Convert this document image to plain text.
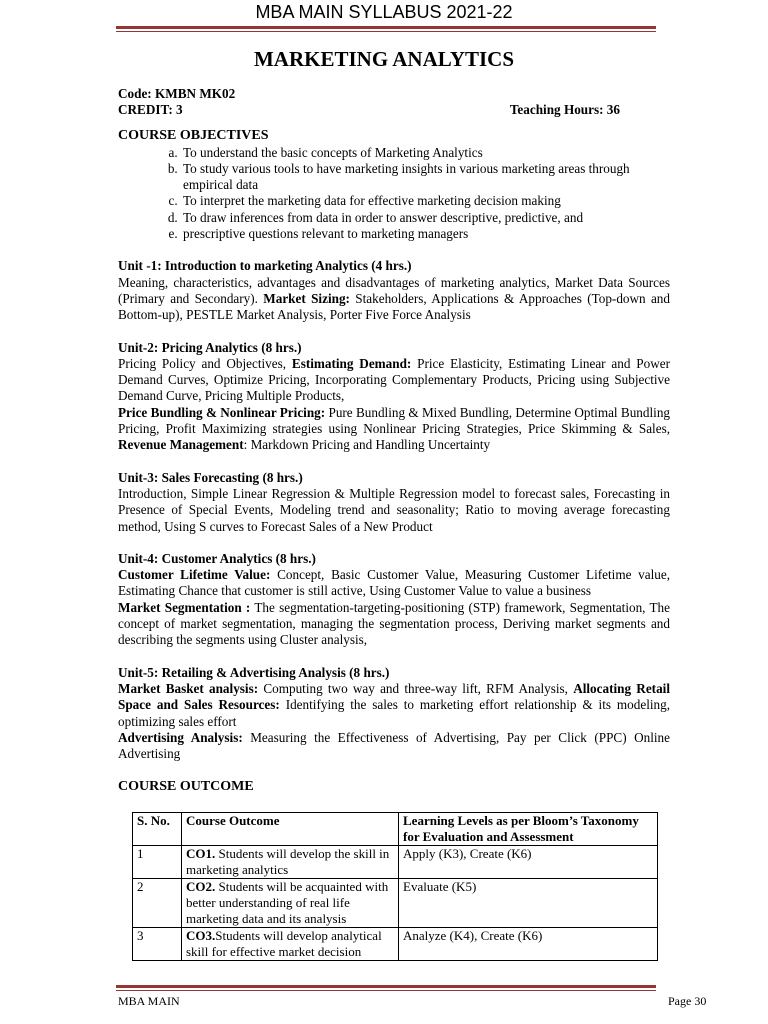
MBA MAIN SYLLABUS 2021-22
MARKETING ANALYTICS

Code: KMBN MK02

CREDIT: 3	Teaching Hours: 36

COURSE OBJECTIVES

a. To understand the basic concepts of Marketing Analytics
b. To study various tools to have marketing insights in various marketing areas through empirical data
c. To interpret the marketing data for effective marketing decision making
d. To draw inferences from data in order to answer descriptive, predictive, and
e. prescriptive questions relevant to marketing managers

Unit -1: Introduction to marketing Analytics (4 hrs.)

Meaning, characteristics, advantages and disadvantages of marketing analytics, Market Data Sources (Primary and Secondary). Market Sizing: Stakeholders, Applications & Approaches (Top-down and Bottom-up), PESTLE Market Analysis, Porter Five Force Analysis

Unit-2: Pricing Analytics (8 hrs.)

Pricing Policy and Objectives, Estimating Demand: Price Elasticity, Estimating Linear and Power Demand Curves, Optimize Pricing, Incorporating Complementary Products, Pricing using Subjective Demand Curve, Pricing Multiple Products,

Price Bundling & Nonlinear Pricing: Pure Bundling & Mixed Bundling, Determine Optimal Bundling Pricing, Profit Maximizing strategies using Nonlinear Pricing Strategies, Price Skimming & Sales, Revenue Management: Markdown Pricing and Handling Uncertainty

Unit-3: Sales Forecasting (8 hrs.)

Introduction, Simple Linear Regression & Multiple Regression model to forecast sales, Forecasting in Presence of Special Events, Modeling trend and seasonality; Ratio to moving average forecasting method, Using S curves to Forecast Sales of a New Product

Unit-4: Customer Analytics (8 hrs.)

Customer Lifetime Value: Concept, Basic Customer Value, Measuring Customer Lifetime value, Estimating Chance that customer is still active, Using Customer Value to value a business

Market Segmentation : The segmentation-targeting-positioning (STP) framework, Segmentation, The concept of market segmentation, managing the segmentation process, Deriving market segments and describing the segments using Cluster analysis,

Unit-5: Retailing & Advertising Analysis (8 hrs.)

Market Basket analysis: Computing two way and three-way lift, RFM Analysis, Allocating Retail Space and Sales Resources: Identifying the sales to marketing effort relationship & its modeling, optimizing sales effort

Advertising Analysis: Measuring the Effectiveness of Advertising, Pay per Click (PPC) Online Advertising

COURSE OUTCOME

S. No.	Course Outcome	Learning Levels as per Bloom’s Taxonomy for Evaluation and Assessment
1	CO1. Students will develop the skill in marketing analytics	Apply (K3), Create (K6)
2	CO2. Students will be acquainted with better understanding of real life marketing data and its analysis	Evaluate (K5)
3	CO3.Students will develop analytical skill for effective market decision	Analyze (K4), Create (K6)
MBA MAIN	Page 30
